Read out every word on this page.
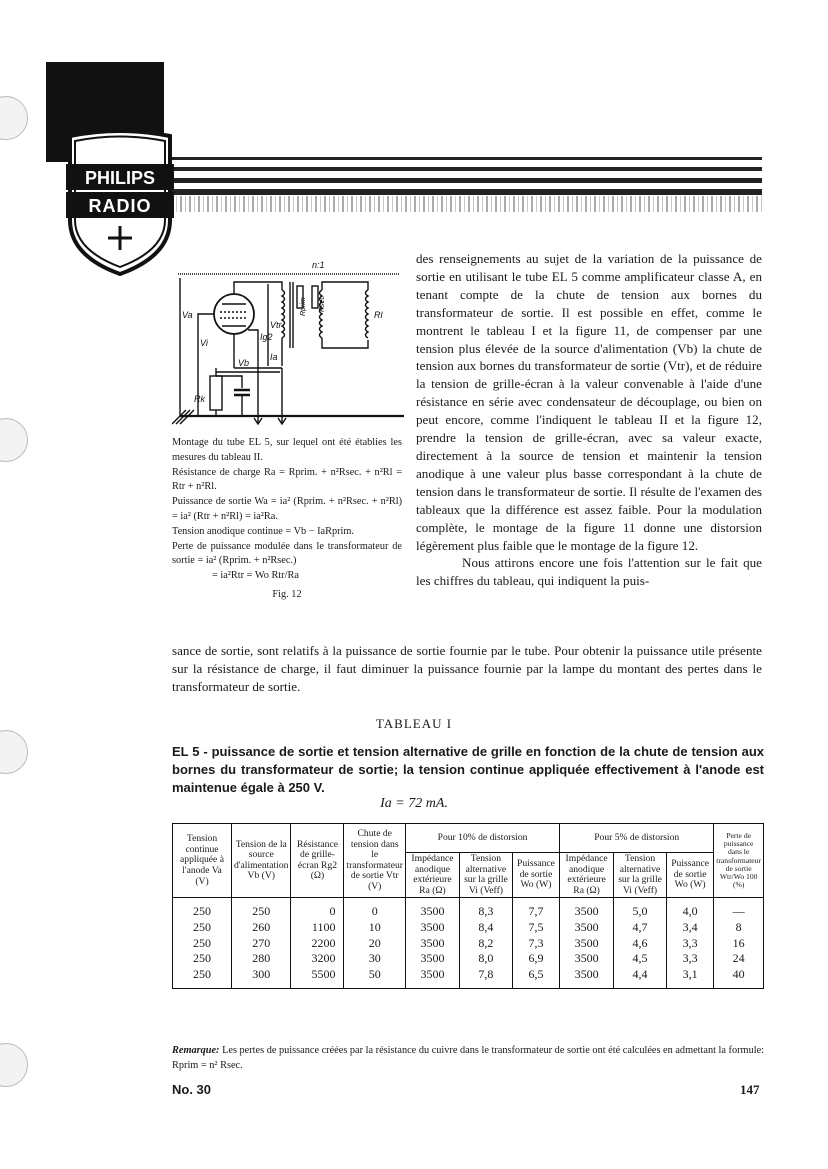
PHILIPS
RADIO
n:1
Va
Vi
Vb
Vtr
Ig2
Ia
Rk
Rl
Rprim Rsec

Montage du tube EL 5, sur lequel ont été établies les mesures du tableau II.

Résistance de charge Ra = Rprim. + n²Rsec. + n²Rl = Rtr + n²Rl.

Puissance de sortie Wa = ia² (Rprim. + n²Rsec. + n²Rl) = ia² (Rtr + n²Rl) = ia²Ra.

Tension anodique continue = Vb − IaRprim.

Perte de puissance modulée dans le transformateur de sortie = ia² (Rprim. + n²Rsec.)

= ia²Rtr = Wo Rtr/Ra

Fig. 12

des renseignements au sujet de la variation de la puissance de sortie en utilisant le tube EL 5 comme amplificateur classe A, en tenant compte de la chute de tension aux bornes du transformateur de sortie. Il est possible en effet, comme le montrent le tableau I et la figure 11, de compenser par une tension plus élevée de la source d'alimentation (Vb) la chute de tension aux bornes du transformateur de sortie (Vtr), et de réduire la tension de grille-écran à la valeur convenable à l'aide d'une résistance en série avec condensateur de découplage, ou bien on peut encore, comme l'indiquent le tableau II et la figure 12, prendre la tension de grille-écran, avec sa valeur exacte, directement à la source de tension et maintenir la tension anodique à une valeur plus basse correspondant à la chute de tension dans le transformateur de sortie. Il résulte de l'examen des tableaux que la différence est assez faible. Pour la modulation complète, le montage de la figure 11 donne une distorsion légèrement plus faible que le montage de la figure 12.
Nous attirons encore une fois l'attention sur le fait que les chiffres du tableau, qui indiquent la puis-
sance de sortie, sont relatifs à la puissance de sortie fournie par le tube. Pour obtenir la puissance utile présente sur la résistance de charge, il faut diminuer la puissance fournie par la lampe du montant des pertes dans le transformateur de sortie.
TABLEAU I
EL 5 - puissance de sortie et tension alternative de grille en fonction de la chute de tension aux bornes du transformateur de sortie; la tension continue appliquée effectivement à l'anode est maintenue égale à 250 V.
Ia = 72 mA.
Tension continue appliquée à l'anode Va (V)	Tension de la source d'alimentation Vb (V)	Résistance de grille-écran Rg2 (Ω)	Chute de tension dans le transformateur de sortie Vtr (V)	Pour 10% de distorsion			Pour 5% de distorsion			Perte de puissance dans le transformateur de sortie Wtr/Wo 100 (%)
				Impédance anodique extérieure Ra (Ω)	Tension alternative sur la grille Vi (Veff)	Puissance de sortie Wo (W)	Impédance anodique extérieure Ra (Ω)	Tension alternative sur la grille Vi (Veff)	Puissance de sortie Wo (W)	
250	250	0	0	3500	8,3	7,7	3500	5,0	4,0	—
250	260	1100	10	3500	8,4	7,5	3500	4,7	3,4	8
250	270	2200	20	3500	8,2	7,3	3500	4,6	3,3	16
250	280	3200	30	3500	8,0	6,9	3500	4,5	3,3	24
250	300	5500	50	3500	7,8	6,5	3500	4,4	3,1	40
Remarque: Les pertes de puissance créées par la résistance du cuivre dans le transformateur de sortie ont été calculées en admettant la formule: Rprim = n² Rsec.
No. 30	147
